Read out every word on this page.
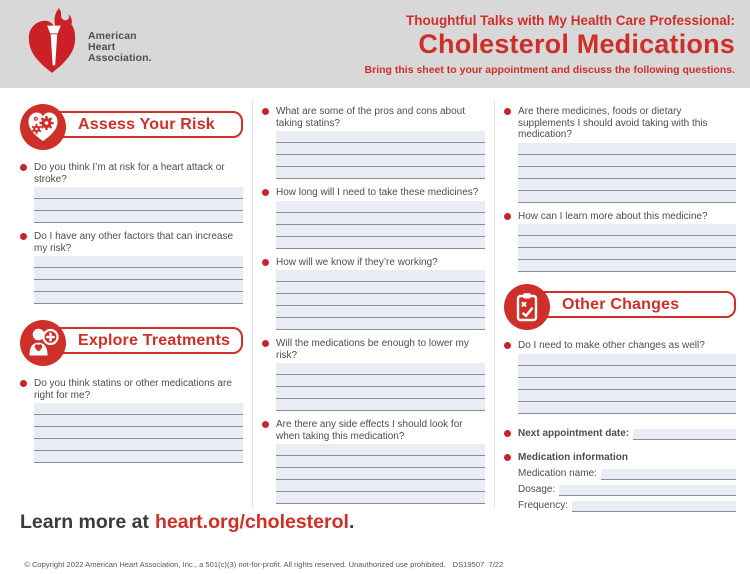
American
Heart
Association.
Thoughtful Talks with My Health Care Professional:
Cholesterol Medications
Bring this sheet to your appointment and discuss the following questions.
Assess Your Risk
Do you think I’m at risk for a heart attack or stroke?
Do I have any other factors that can increase my risk?
Explore Treatments
Do you think statins or other medications are right for me?
What are some of the pros and cons about taking statins?
How long will I need to take these medicines?
How will we know if they’re working?
Will the medications be enough to lower my risk?
Are there any side effects I should look for when taking this medication?
Are there medicines, foods or dietary supplements I should avoid taking with this medication?
How can I learn more about this medicine?
Other Changes
Do I need to make other changes as well?
Next appointment date:
Medication information
Medication name:
Dosage:
Frequency:
Learn more at heart.org/cholesterol.

© Copyright 2022 American Heart Association, Inc., a 501(c)(3) not-for-profit. All rights reserved. Unauthorized use prohibited. DS19507  7/22
